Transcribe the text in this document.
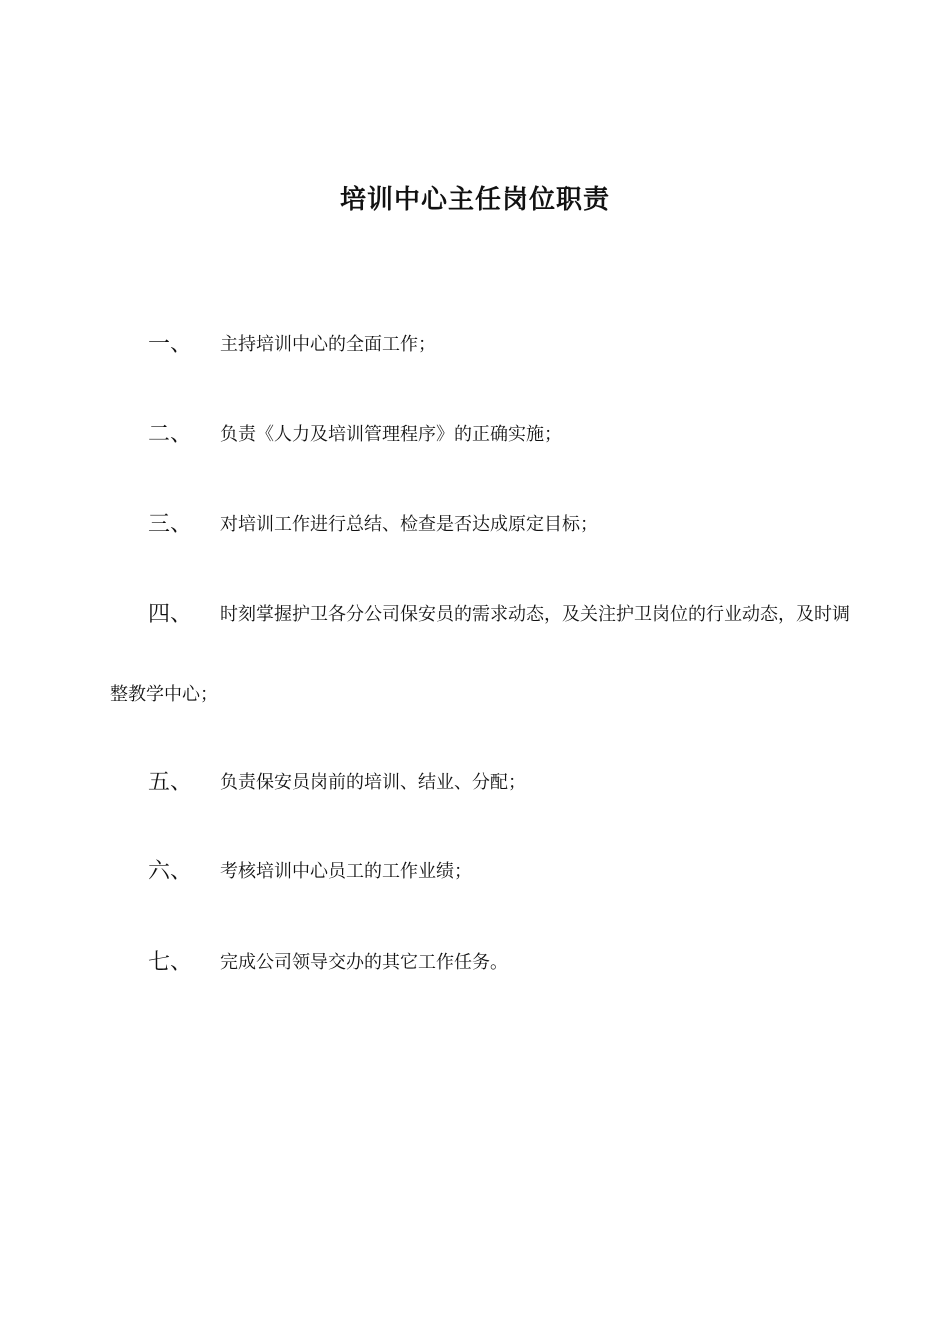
培训中心主任岗位职责
一、 主持培训中心的全面工作；
二、 负责《人力及培训管理程序》的正确实施；
三、 对培训工作进行总结、检查是否达成原定目标；
四、 时刻掌握护卫各分公司保安员的需求动态，及关注护卫岗位的行业动态，及时调
整教学中心；
五、 负责保安员岗前的培训、结业、分配；
六、 考核培训中心员工的工作业绩；
七、 完成公司领导交办的其它工作任务。
